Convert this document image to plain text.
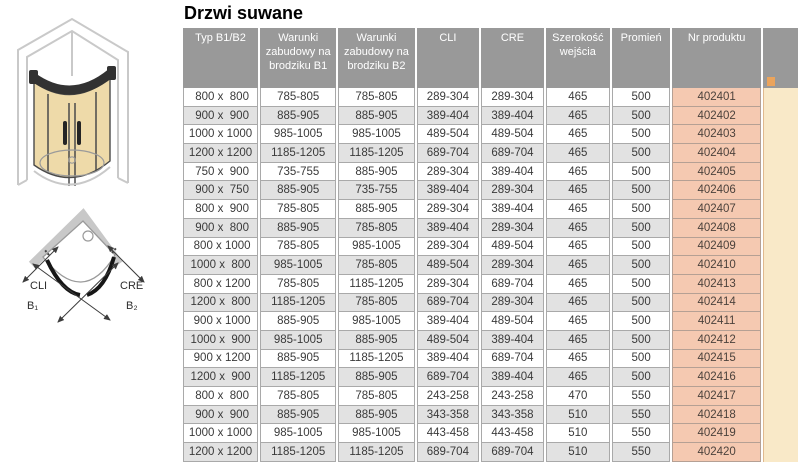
Drzwi suwane
CLI	CRE
B₁	B₂
Typ B1/B2	Warunki zabudowy na brodziku B1	Warunki zabudowy na brodziku B2	CLI	CRE	Szerokość wejścia	Promień	Nr produktu	

800 x  800	785-805	785-805	289-304	289-304	465	500	402401	
900 x  900	885-905	885-905	389-404	389-404	465	500	402402	
1000 x 1000	985-1005	985-1005	489-504	489-504	465	500	402403	
1200 x 1200	1185-1205	1185-1205	689-704	689-704	465	500	402404	
750 x  900	735-755	885-905	289-304	389-404	465	500	402405	
900 x  750	885-905	735-755	389-404	289-304	465	500	402406	
800 x  900	785-805	885-905	289-304	389-404	465	500	402407	
900 x  800	885-905	785-805	389-404	289-304	465	500	402408	
800 x 1000	785-805	985-1005	289-304	489-504	465	500	402409	
1000 x  800	985-1005	785-805	489-504	289-304	465	500	402410	
800 x 1200	785-805	1185-1205	289-304	689-704	465	500	402413	
1200 x  800	1185-1205	785-805	689-704	289-304	465	500	402414	
900 x 1000	885-905	985-1005	389-404	489-504	465	500	402411	
1000 x  900	985-1005	885-905	489-504	389-404	465	500	402412	
900 x 1200	885-905	1185-1205	389-404	689-704	465	500	402415	
1200 x  900	1185-1205	885-905	689-704	389-404	465	500	402416	
800 x  800	785-805	785-805	243-258	243-258	470	550	402417	
900 x  900	885-905	885-905	343-358	343-358	510	550	402418	
1000 x 1000	985-1005	985-1005	443-458	443-458	510	550	402419	
1200 x 1200	1185-1205	1185-1205	689-704	689-704	510	550	402420	
